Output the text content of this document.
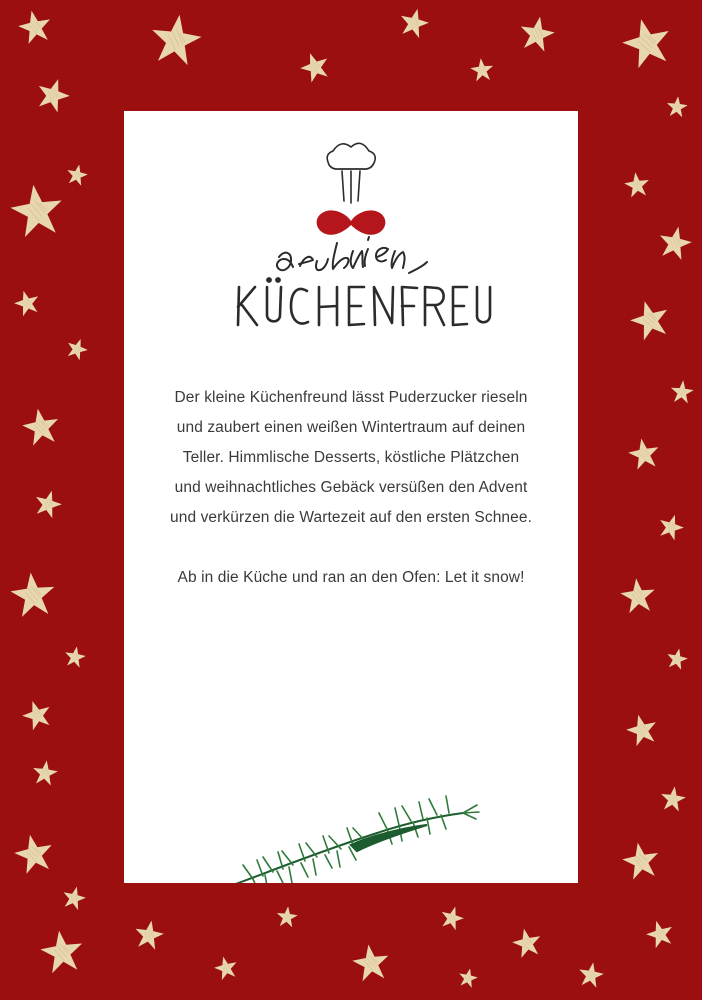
Der kleine Küchenfreund lässt Puderzucker rieseln und zaubert einen weißen Wintertraum auf deinen Teller. Himmlische Desserts, köstliche Plätzchen und weihnachtliches Gebäck versüßen den Advent und verkürzen die Wartezeit auf den ersten Schnee.

Ab in die Küche und ran an den Ofen: Let it snow!
